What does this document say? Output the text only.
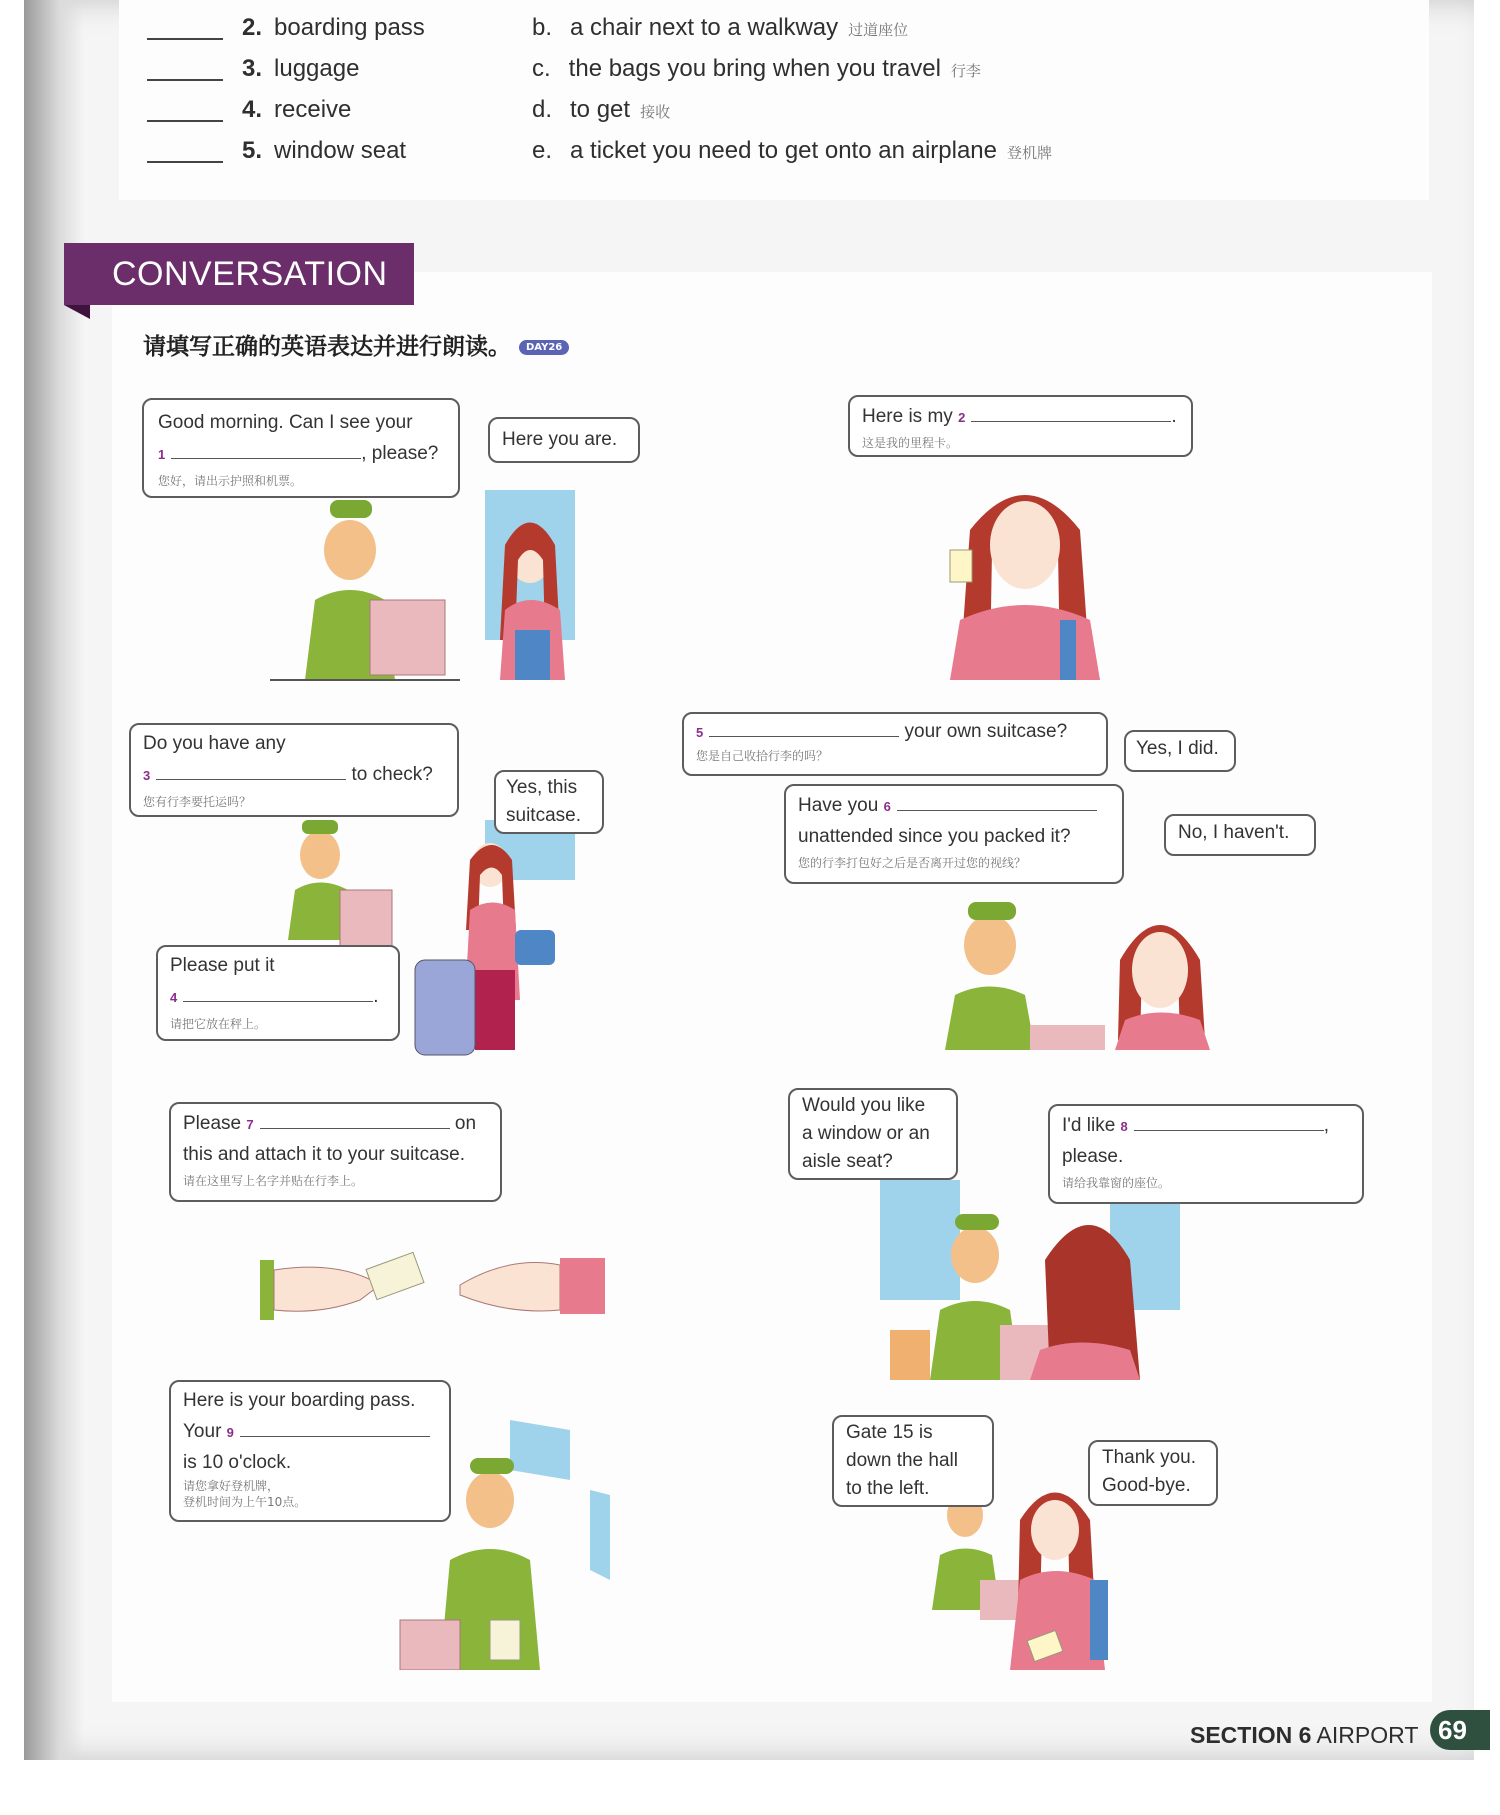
2. boarding pass	b. a chair next to a walkway 过道座位
3. luggage	c. the bags you bring when you travel 行李
4. receive	d. to get 接收
5. window seat	e. a ticket you need to get onto an airplane 登机牌
CONVERSATION
请填写正确的英语表达并进行朗读。 DAY26
Good morning. Can I see your
1	, please?
您好，请出示护照和机票。
Here you are.
Here is my 2	.
这是我的里程卡。
Do you have any
3	to check?
您有行李要托运吗？
Yes, this
suitcase.
Please put it
4	.
请把它放在秤上。
5	your own suitcase?
您是自己收拾行李的吗？	Yes, I did.
Have you 6
unattended since you packed it?
您的行李打包好之后是否离开过您的视线？
No, I haven't.
Please 7	on
this and attach it to your suitcase.
请在这里写上名字并贴在行李上。
Would you like
a window or an
aisle seat?
I'd like 8	,
please.
请给我靠窗的座位。
Here is your boarding pass.
Your 9
is 10 o'clock.
请您拿好登机牌，
登机时间为上午10点。
Gate 15 is
down the hall
to the left.
Thank you.
Good-bye.
SECTION 6 AIRPORT 69
